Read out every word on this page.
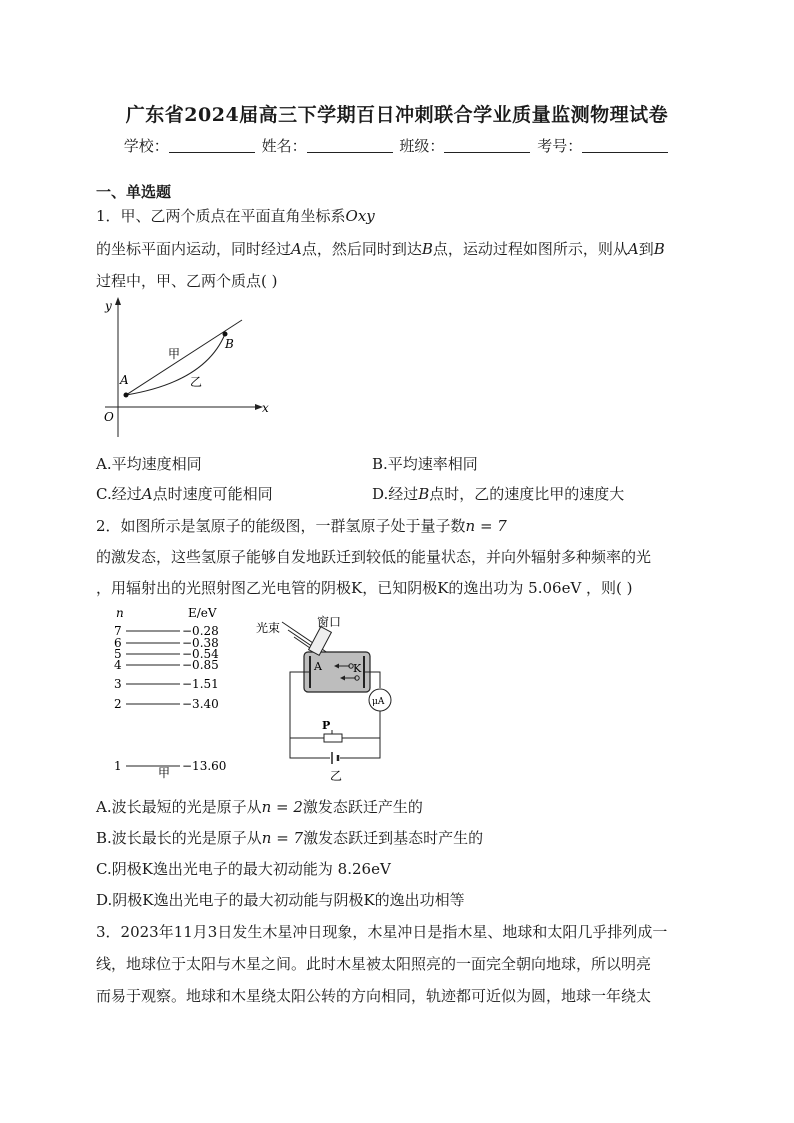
广东省2024届高三下学期百日冲刺联合学业质量监测物理试卷
学校：	姓名：	班级：	考号：
一、单选题
1．甲、乙两个质点在平面直角坐标系Oxy
的坐标平面内运动，同时经过A点，然后同时到达B点，运动过程如图所示，则从A到B
过程中，甲、乙两个质点( )
y
x
O
A
B
甲
乙
A.平均速度相同	B.平均速率相同
C.经过A点时速度可能相同	D.经过B点时，乙的速度比甲的速度大
2．如图所示是氢原子的能级图，一群氢原子处于量子数n = 7
的激发态，这些氢原子能够自发地跃迁到较低的能量状态，并向外辐射多种频率的光
，用辐射出的光照射图乙光电管的阴极K，已知阴极K的逸出功为 5.06eV ，则( )
n	E/eV
7	−0.28
6	−0.38
5	−0.54
4	−0.85
3	−1.51
2	−3.40
1	−13.60
甲
光束	窗口
A	K
μA
P
乙
A.波长最短的光是原子从n = 2激发态跃迁产生的
B.波长最长的光是原子从n = 7激发态跃迁到基态时产生的
C.阴极K逸出光电子的最大初动能为 8.26eV
D.阴极K逸出光电子的最大初动能与阴极K的逸出功相等
3．2023年11月3日发生木星冲日现象，木星冲日是指木星、地球和太阳几乎排列成一
线，地球位于太阳与木星之间。此时木星被太阳照亮的一面完全朝向地球，所以明亮
而易于观察。地球和木星绕太阳公转的方向相同，轨迹都可近似为圆，地球一年绕太
